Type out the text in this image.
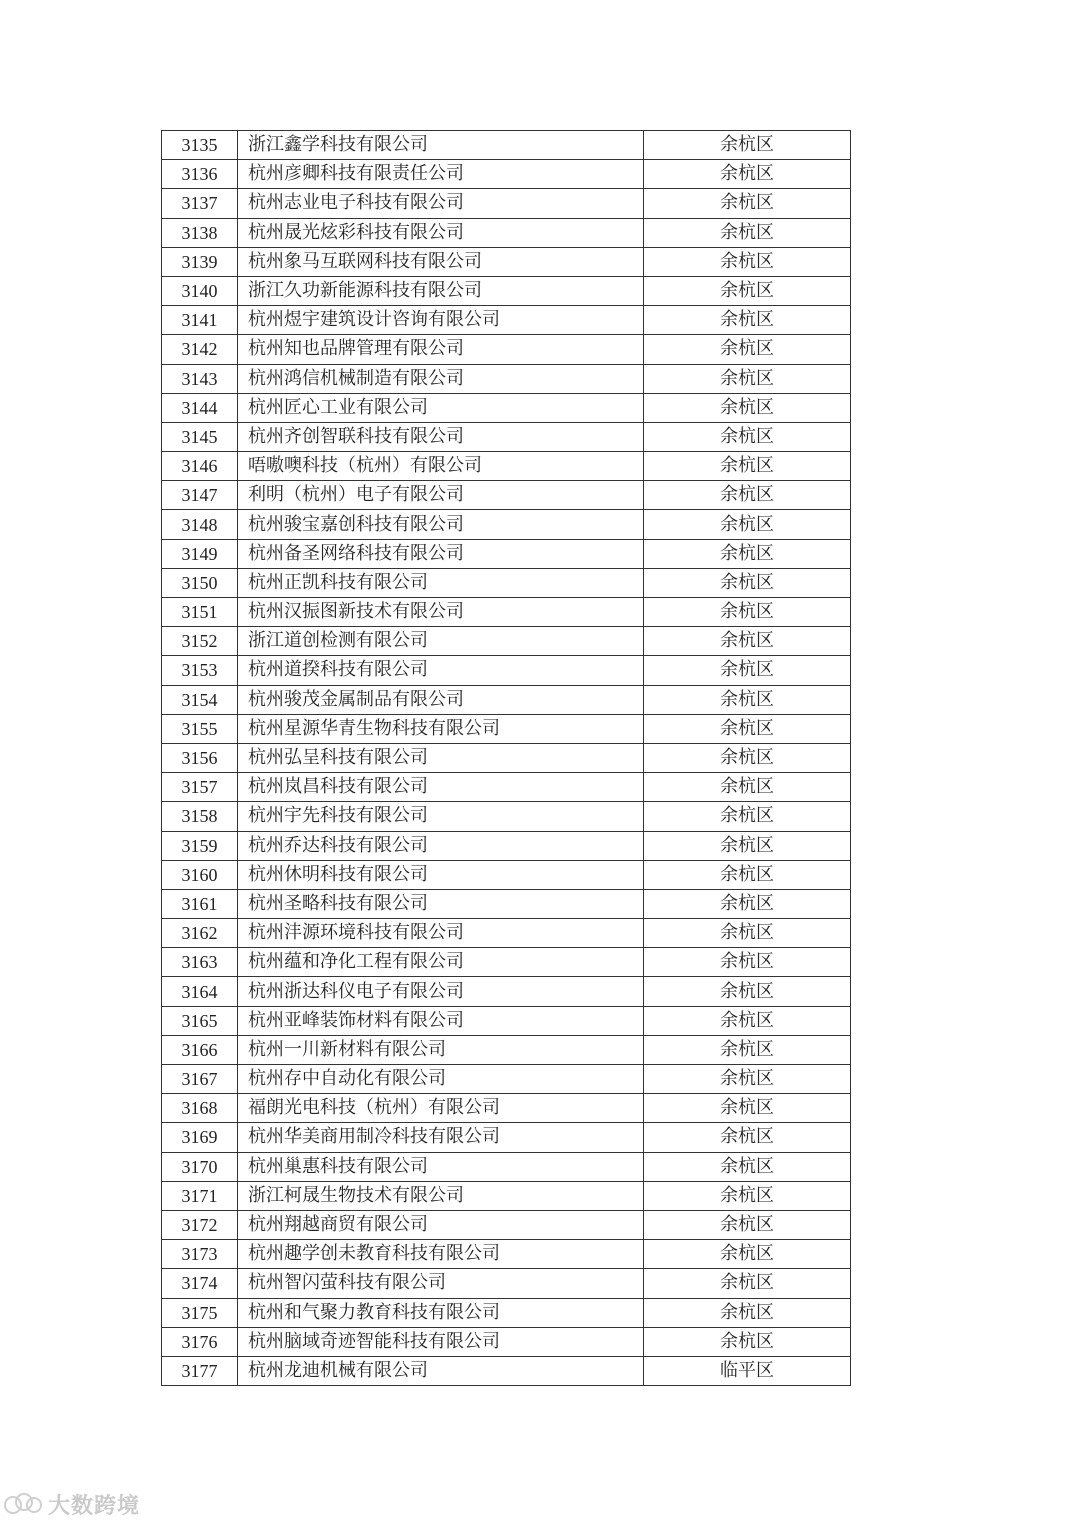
3135	浙江鑫学科技有限公司	余杭区
3136	杭州彦卿科技有限责任公司	余杭区
3137	杭州志业电子科技有限公司	余杭区
3138	杭州晟光炫彩科技有限公司	余杭区
3139	杭州象马互联网科技有限公司	余杭区
3140	浙江久功新能源科技有限公司	余杭区
3141	杭州煜宇建筑设计咨询有限公司	余杭区
3142	杭州知也品牌管理有限公司	余杭区
3143	杭州鸿信机械制造有限公司	余杭区
3144	杭州匠心工业有限公司	余杭区
3145	杭州齐创智联科技有限公司	余杭区
3146	唔嗷噢科技（杭州）有限公司	余杭区
3147	利明（杭州）电子有限公司	余杭区
3148	杭州骏宝嘉创科技有限公司	余杭区
3149	杭州备圣网络科技有限公司	余杭区
3150	杭州正凯科技有限公司	余杭区
3151	杭州汉振图新技术有限公司	余杭区
3152	浙江道创检测有限公司	余杭区
3153	杭州道揆科技有限公司	余杭区
3154	杭州骏茂金属制品有限公司	余杭区
3155	杭州星源华青生物科技有限公司	余杭区
3156	杭州弘呈科技有限公司	余杭区
3157	杭州岚昌科技有限公司	余杭区
3158	杭州宇先科技有限公司	余杭区
3159	杭州乔达科技有限公司	余杭区
3160	杭州休明科技有限公司	余杭区
3161	杭州圣略科技有限公司	余杭区
3162	杭州沣源环境科技有限公司	余杭区
3163	杭州蕴和净化工程有限公司	余杭区
3164	杭州浙达科仪电子有限公司	余杭区
3165	杭州亚峰装饰材料有限公司	余杭区
3166	杭州一川新材料有限公司	余杭区
3167	杭州存中自动化有限公司	余杭区
3168	福朗光电科技（杭州）有限公司	余杭区
3169	杭州华美商用制冷科技有限公司	余杭区
3170	杭州巢惠科技有限公司	余杭区
3171	浙江柯晟生物技术有限公司	余杭区
3172	杭州翔越商贸有限公司	余杭区
3173	杭州趣学创未教育科技有限公司	余杭区
3174	杭州智闪萤科技有限公司	余杭区
3175	杭州和气聚力教育科技有限公司	余杭区
3176	杭州脑域奇迹智能科技有限公司	余杭区
3177	杭州龙迪机械有限公司	临平区
大数跨境
